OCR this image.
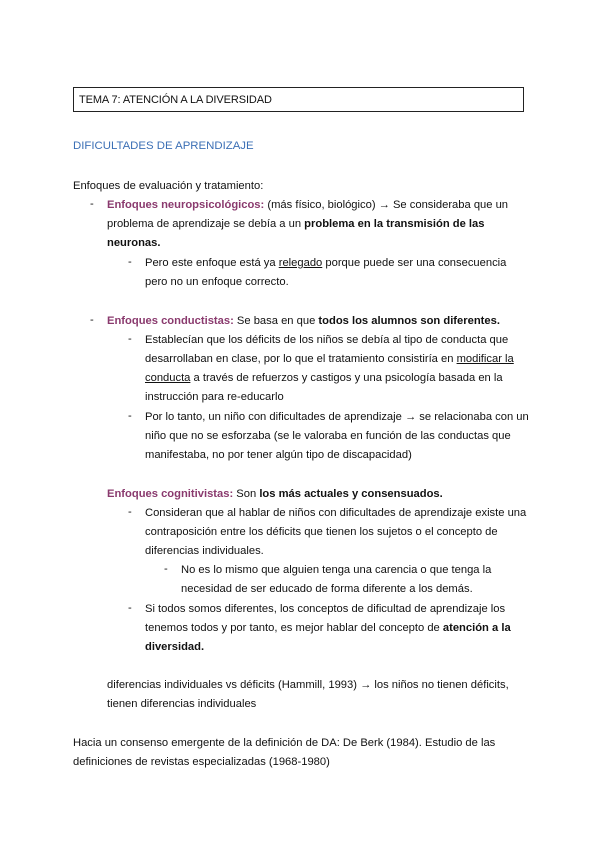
TEMA 7: ATENCIÓN A LA DIVERSIDAD
DIFICULTADES DE APRENDIZAJE
Enfoques de evaluación y tratamiento:
- Enfoques neuropsicológicos: (más físico, biológico) → Se consideraba que un
problema de aprendizaje se debía a un problema en la transmisión de las
neuronas.
- Pero este enfoque está ya relegado porque puede ser una consecuencia
pero no un enfoque correcto.
- Enfoques conductistas: Se basa en que todos los alumnos son diferentes.
- Establecían que los déficits de los niños se debía al tipo de conducta que
desarrollaban en clase, por lo que el tratamiento consistiría en modificar la
conducta a través de refuerzos y castigos y una psicología basada en la
instrucción para re-educarlo
- Por lo tanto, un niño con dificultades de aprendizaje → se relacionaba con un
niño que no se esforzaba (se le valoraba en función de las conductas que
manifestaba, no por tener algún tipo de discapacidad)
Enfoques cognitivistas: Son los más actuales y consensuados.
- Consideran que al hablar de niños con dificultades de aprendizaje existe una
contraposición entre los déficits que tienen los sujetos o el concepto de
diferencias individuales.
- No es lo mismo que alguien tenga una carencia o que tenga la
necesidad de ser educado de forma diferente a los demás.
- Si todos somos diferentes, los conceptos de dificultad de aprendizaje los
tenemos todos y por tanto, es mejor hablar del concepto de atención a la
diversidad.
diferencias individuales vs déficits (Hammill, 1993) → los niños no tienen déficits,
tienen diferencias individuales
Hacia un consenso emergente de la definición de DA: De Berk (1984). Estudio de las
definiciones de revistas especializadas (1968-1980)
